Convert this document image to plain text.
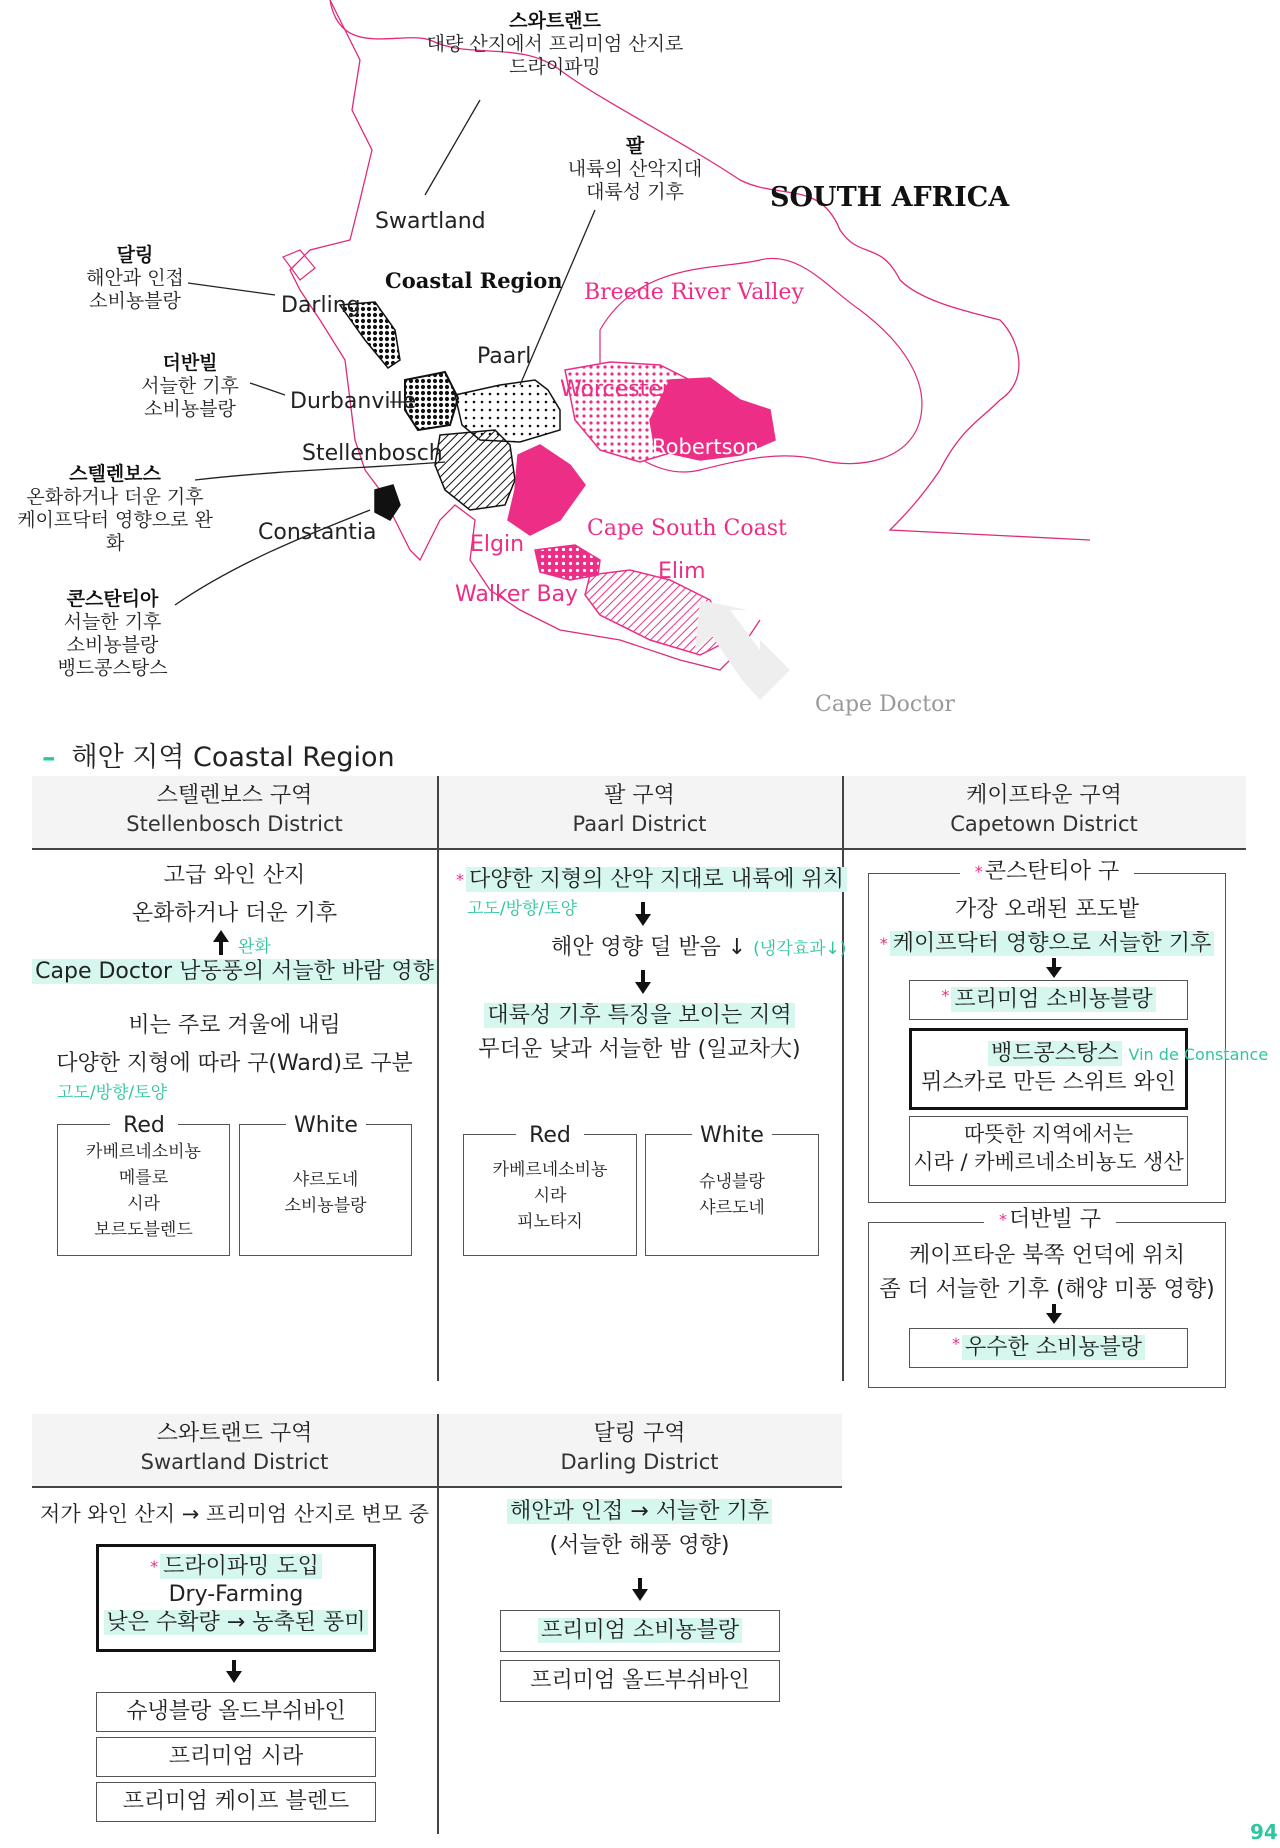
SOUTH AFRICA
Swartland
Coastal Region
Darling
Paarl
Durbanville
Stellenbosch
Constantia
Breede River Valley
Worcester
Robertson
Cape South Coast
Elgin
Walker Bay
Elim
Cape Doctor
스와트랜드
대량 산지에서 프리미엄 산지로
드라이파밍
팔
내륙의 산악지대
대륙성 기후
달링
해안과 인접
소비뇽블랑
더반빌
서늘한 기후
소비뇽블랑
스텔렌보스
온화하거나 더운 기후
케이프닥터 영향으로 완화
콘스탄티아
서늘한 기후
소비뇽블랑
뱅드콩스탕스
– 해안 지역 Coastal Region
스텔렌보스 구역
Stellenbosch District
팔 구역
Paarl District
케이프타운 구역
Capetown District
고급 와인 산지
온화하거나 더운 기후
완화
Cape Doctor 남동풍의 서늘한 바람 영향
비는 주로 겨울에 내림
다양한 지형에 따라 구(Ward)로 구분
고도/방향/토양
카베르네소비뇽
메를로
시라
보르도블렌드
Red
샤르도네
소비뇽블랑
White
* 다양한 지형의 산악 지대로 내륙에 위치
고도/방향/토양
해안 영향 덜 받음 ↓ (냉각효과↓)
대륙성 기후 특징을 보이는 지역
무더운 낮과 서늘한 밤 (일교차大)
카베르네소비뇽
시라
피노타지
Red
슈냉블랑
샤르도네
White
*콘스탄티아 구
가장 오래된 포도밭
* 케이프닥터 영향으로 서늘한 기후
* 프리미엄 소비뇽블랑
뱅드콩스탕스 Vin de Constance
뮈스카로 만든 스위트 와인
따뜻한 지역에서는
시라 / 카베르네소비뇽도 생산
*더반빌 구
케이프타운 북쪽 언덕에 위치
좀 더 서늘한 기후 (해양 미풍 영향)
* 우수한 소비뇽블랑
스와트랜드 구역
Swartland District
달링 구역
Darling District
저가 와인 산지 → 프리미엄 산지로 변모 중
* 드라이파밍 도입
Dry-Farming
낮은 수확량 → 농축된 풍미
슈냉블랑 올드부쉬바인
프리미엄 시라
프리미엄 케이프 블렌드
해안과 인접 → 서늘한 기후
(서늘한 해풍 영향)
프리미엄 소비뇽블랑
프리미엄 올드부쉬바인
94
